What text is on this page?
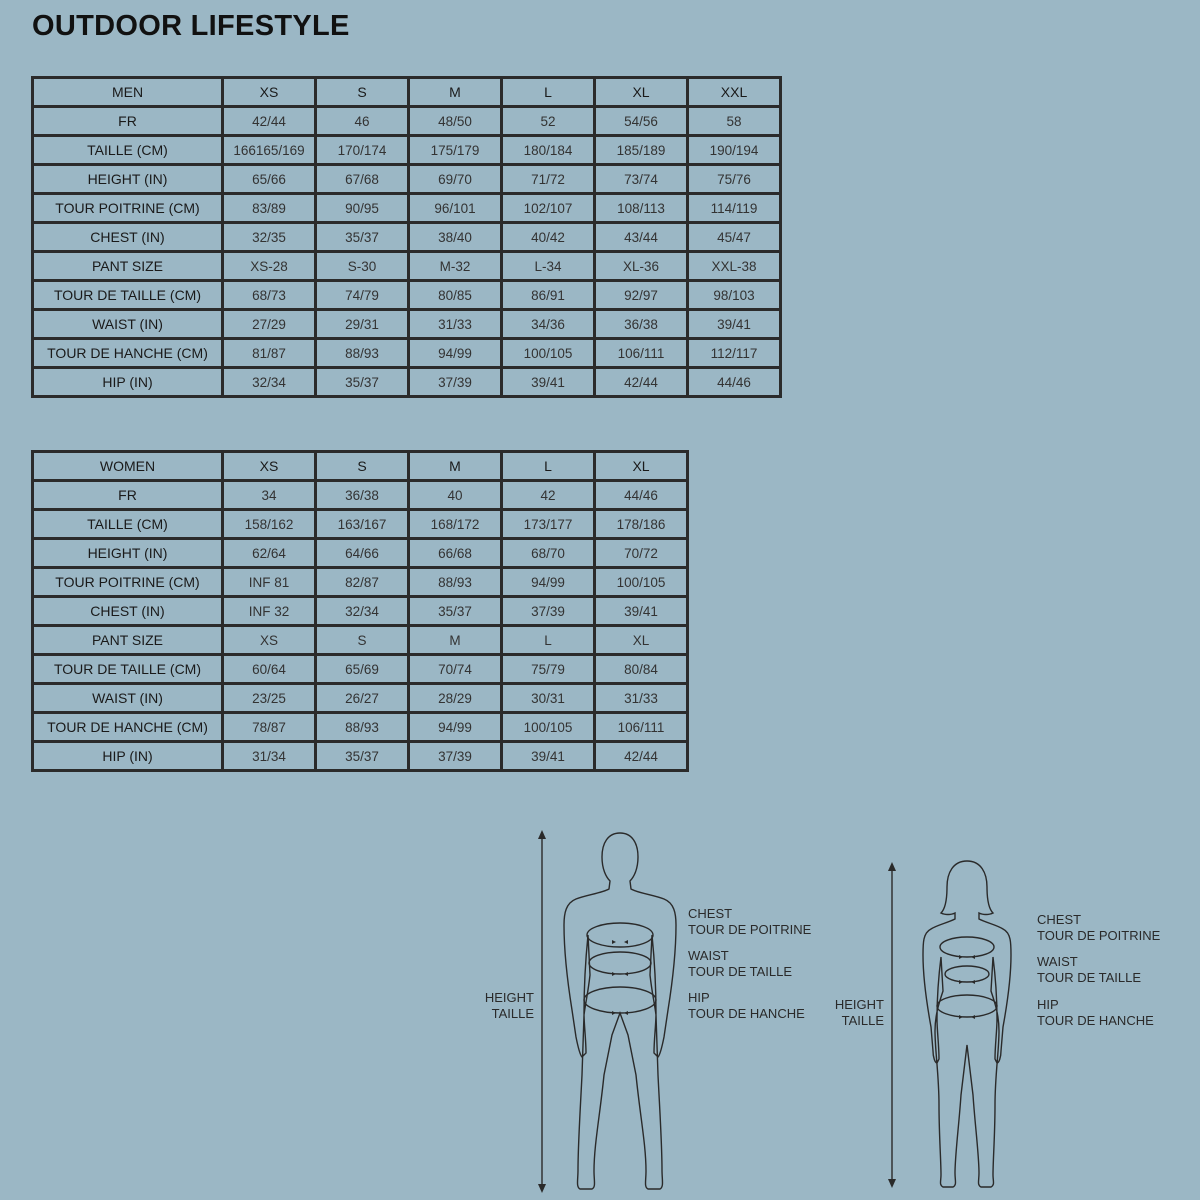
OUTDOOR LIFESTYLE
MEN	XS	S	M	L	XL	XXL
FR	42/44	46	48/50	52	54/56	58
TAILLE (CM)	166165/169	170/174	175/179	180/184	185/189	190/194
HEIGHT (IN)	65/66	67/68	69/70	71/72	73/74	75/76
TOUR POITRINE (CM)	83/89	90/95	96/101	102/107	108/113	114/119
CHEST (IN)	32/35	35/37	38/40	40/42	43/44	45/47
PANT SIZE	XS-28	S-30	M-32	L-34	XL-36	XXL-38
TOUR DE TAILLE (CM)	68/73	74/79	80/85	86/91	92/97	98/103
WAIST (IN)	27/29	29/31	31/33	34/36	36/38	39/41
TOUR DE HANCHE (CM)	81/87	88/93	94/99	100/105	106/111	112/117
HIP (IN)	32/34	35/37	37/39	39/41	42/44	44/46
WOMEN	XS	S	M	L	XL
FR	34	36/38	40	42	44/46
TAILLE (CM)	158/162	163/167	168/172	173/177	178/186
HEIGHT (IN)	62/64	64/66	66/68	68/70	70/72
TOUR POITRINE (CM)	INF 81	82/87	88/93	94/99	100/105
CHEST (IN)	INF 32	32/34	35/37	37/39	39/41
PANT SIZE	XS	S	M	L	XL
TOUR DE TAILLE (CM)	60/64	65/69	70/74	75/79	80/84
WAIST (IN)	23/25	26/27	28/29	30/31	31/33
TOUR DE HANCHE (CM)	78/87	88/93	94/99	100/105	106/111
HIP (IN)	31/34	35/37	37/39	39/41	42/44
HEIGHT
TAILLE
CHEST
TOUR DE POITRINE
WAIST
TOUR DE TAILLE
HIP
TOUR DE HANCHE
HEIGHT
TAILLE
CHEST
TOUR DE POITRINE
WAIST
TOUR DE TAILLE
HIP
TOUR DE HANCHE
